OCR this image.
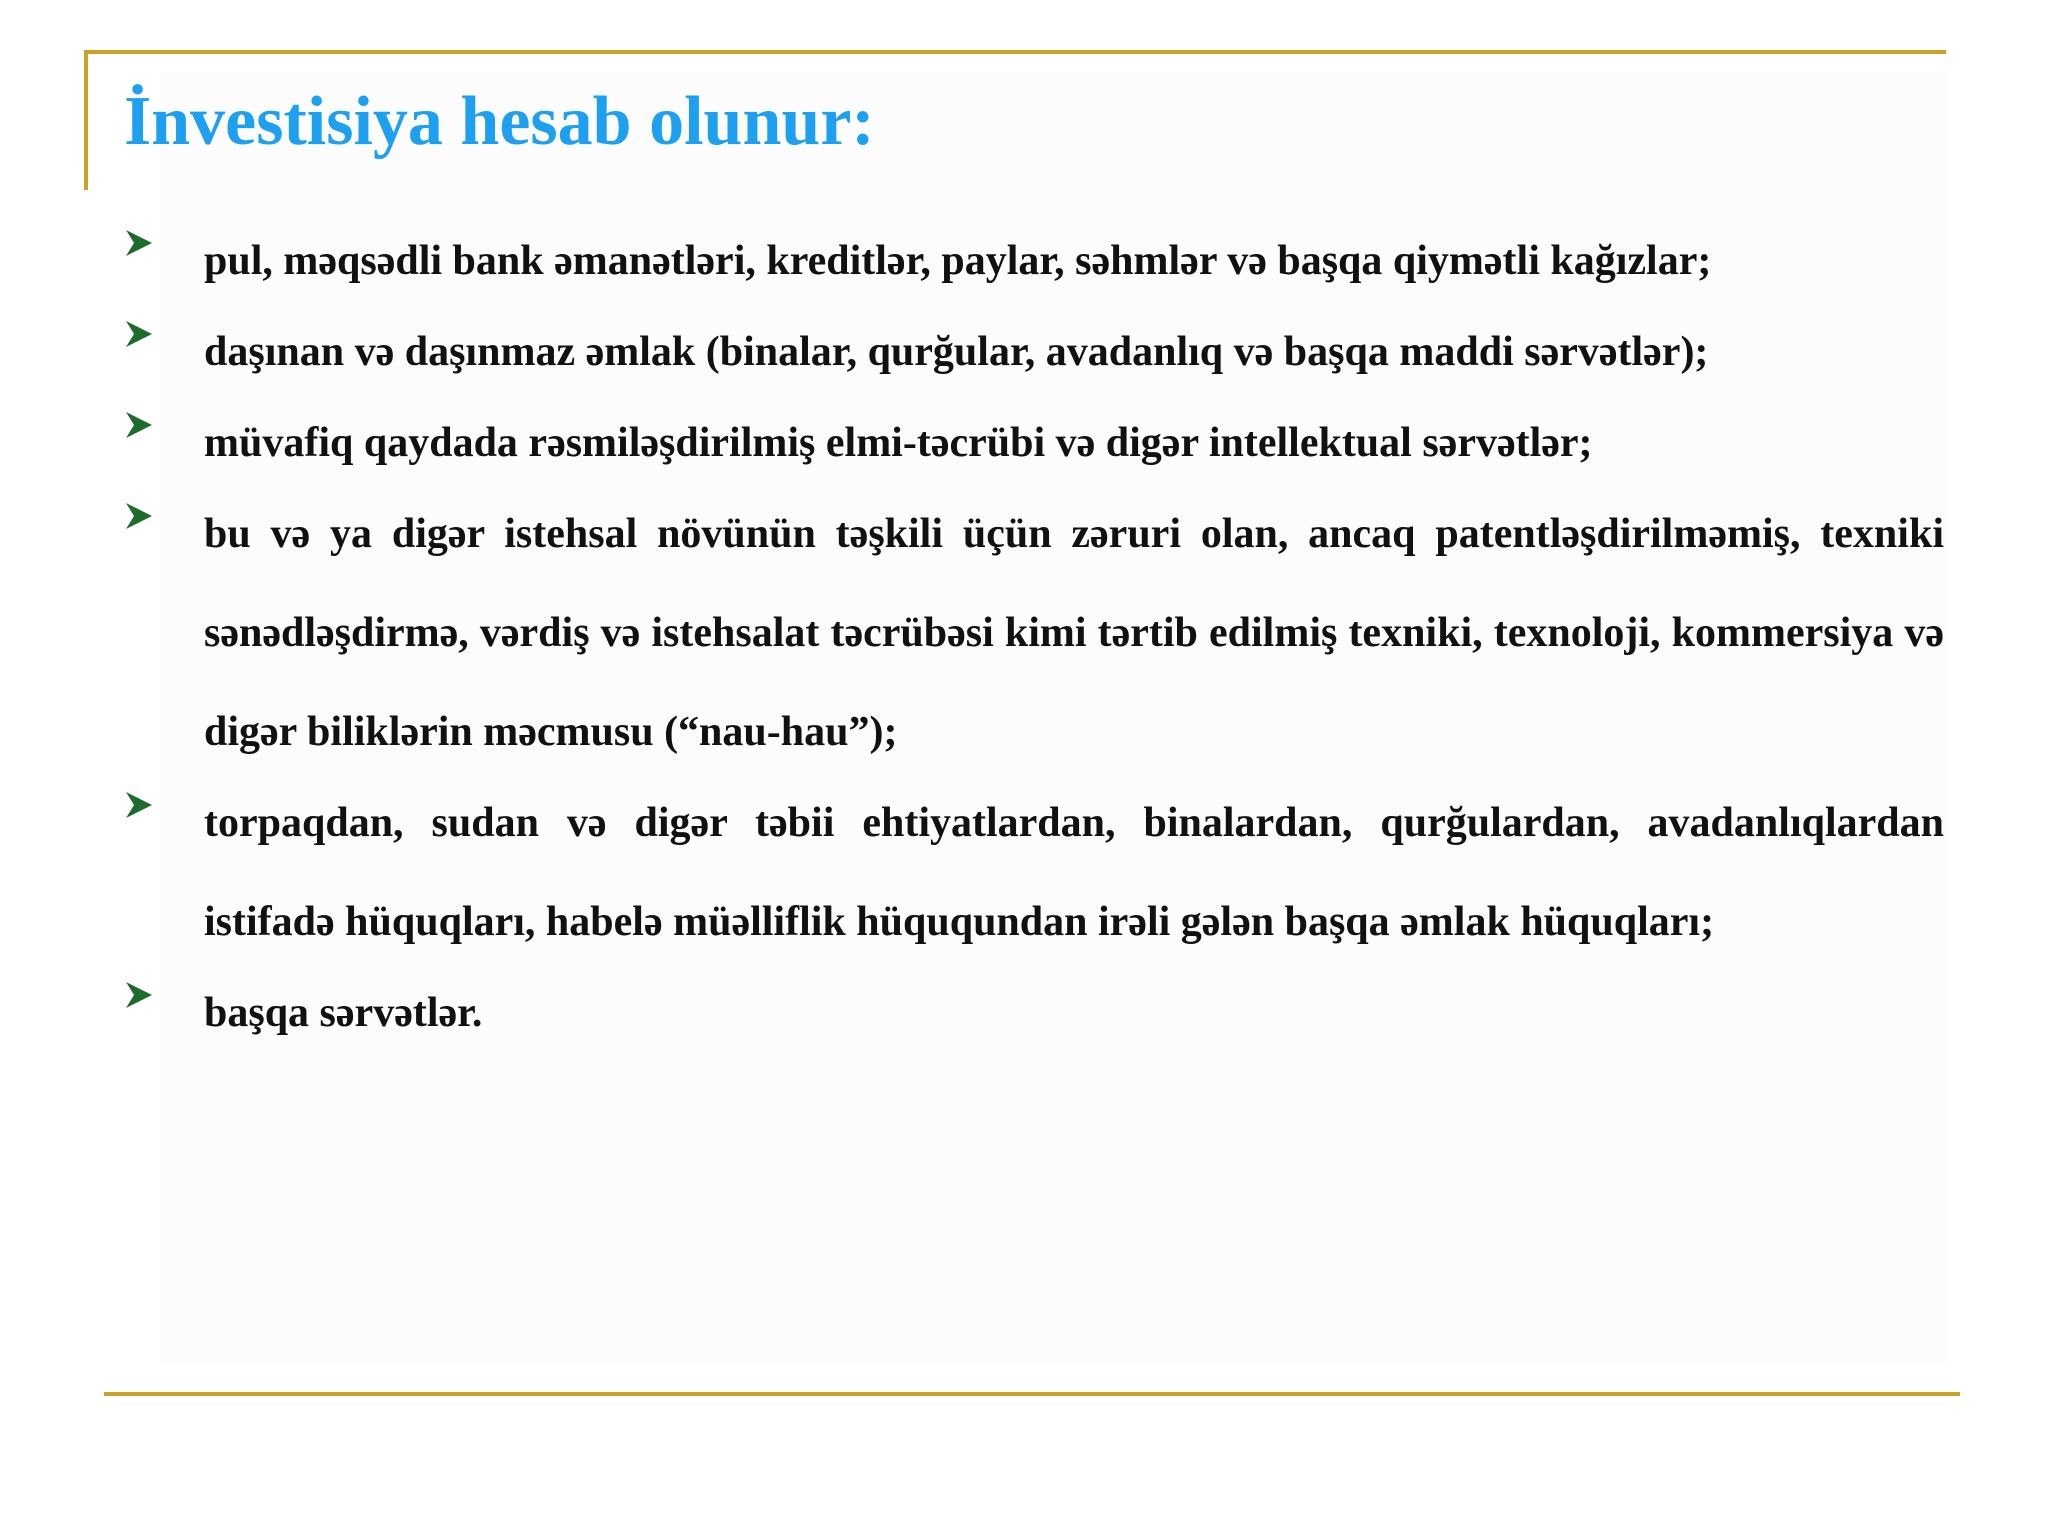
İnvestisiya hesab olunur:
pul, məqsədli bank əmanətləri, kreditlər, paylar, səhmlər və başqa qiymətli kağızlar;
daşınan və daşınmaz əmlak (binalar, qurğular, avadanlıq və başqa maddi sərvətlər);
müvafiq qaydada rəsmiləşdirilmiş elmi-təcrübi və digər intellektual sərvətlər;
bu və ya digər istehsal növünün təşkili üçün zəruri olan, ancaq patentləşdirilməmiş, texniki sənədləşdirmə, vərdiş və istehsalat təcrübəsi kimi tərtib edilmiş texniki, texnoloji, kommersiya və digər biliklərin məcmusu (“nau-hau”);
torpaqdan, sudan və digər təbii ehtiyatlardan, binalardan, qurğulardan, avadanlıqlardan istifadə hüquqları, habelə müəlliflik hüququndan irəli gələn başqa əmlak hüquqları;
başqa sərvətlər.
